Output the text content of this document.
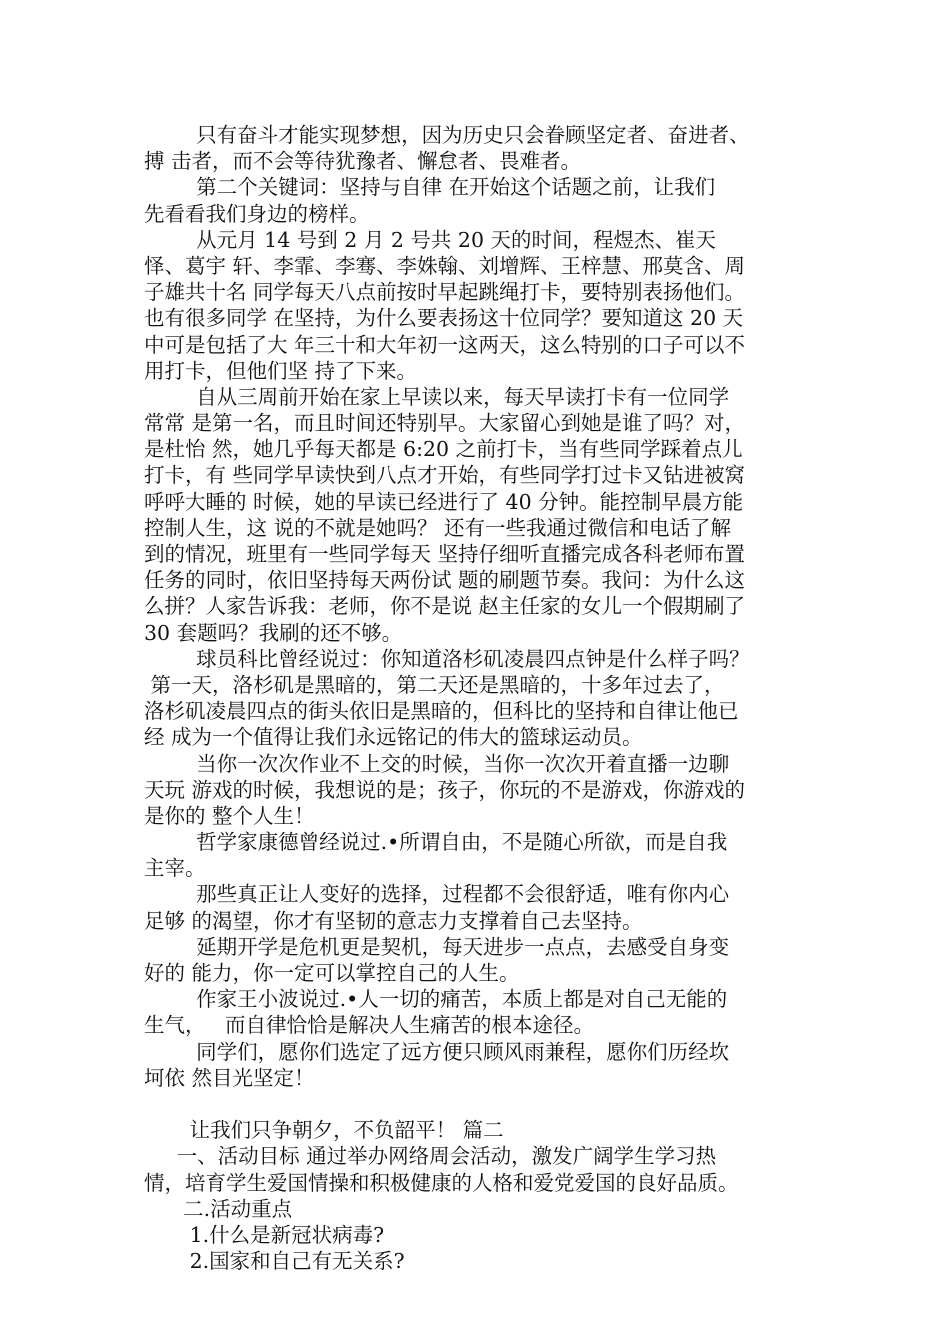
只有奋斗才能实现梦想，因为历史只会眷顾坚定者、奋进者、
搏 击者，而不会等待犹豫者、懈怠者、畏难者。
第二个关键词：坚持与自律 在开始这个话题之前，让我们
先看看我们身边的榜样。
从元月 14 号到 2 月 2 号共 20 天的时间，程煜杰、崔天
怿、葛宇 轩、李霏、李骞、李姝翰、刘增辉、王梓慧、邢莫含、周
子雄共十名 同学每天八点前按时早起跳绳打卡，要特别表扬他们。
也有很多同学 在坚持，为什么要表扬这十位同学？要知道这 20 天
中可是包括了大 年三十和大年初一这两天，这么特别的口子可以不
用打卡，但他们坚 持了下来。
自从三周前开始在家上早读以来，每天早读打卡有一位同学
常常 是第一名，而且时间还特别早。大家留心到她是谁了吗？对，
是杜怡 然，她几乎每天都是 6:20 之前打卡，当有些同学踩着点儿
打卡，有 些同学早读快到八点才开始，有些同学打过卡又钻进被窝
呼呼大睡的 时候，她的早读已经进行了 40 分钟。能控制早晨方能
控制人生，这 说的不就是她吗？ 还有一些我通过微信和电话了解
到的情况，班里有一些同学每天 坚持仔细听直播完成各科老师布置
任务的同时，依旧坚持每天两份试 题的刷题节奏。我问：为什么这
么拼？人家告诉我：老师，你不是说 赵主任家的女儿一个假期刷了
30 套题吗？我刷的还不够。
球员科比曾经说过：你知道洛杉矶凌晨四点钟是什么样子吗？
第一天，洛杉矶是黑暗的，第二天还是黑暗的，十多年过去了，
洛杉矶凌晨四点的街头依旧是黑暗的，但科比的坚持和自律让他已
经 成为一个值得让我们永远铭记的伟大的篮球运动员。
当你一次次作业不上交的时候，当你一次次开着直播一边聊
天玩 游戏的时候，我想说的是；孩子，你玩的不是游戏，你游戏的
是你的 整个人生！
哲学家康德曾经说过.•所谓自由，不是随心所欲，而是自我
主宰。
那些真正让人变好的选择，过程都不会很舒适，唯有你内心
足够 的渴望，你才有坚韧的意志力支撑着自己去坚持。
延期开学是危机更是契机，每天进步一点点，去感受自身变
好的 能力，你一定可以掌控自己的人生。
作家王小波说过.•人一切的痛苦，本质上都是对自己无能的
生气，   而自律恰恰是解决人生痛苦的根本途径。
同学们，愿你们选定了远方便只顾风雨兼程，愿你们历经坎
坷依 然目光坚定！
让我们只争朝夕，不负韶平！ 篇二
一、活动目标 通过举办网络周会活动，激发广阔学生学习热
情，培育学生爱国情操和积极健康的人格和爱党爱国的良好品质。
二.活动重点
1.什么是新冠状病毒?
2.国家和自己有无关系?
